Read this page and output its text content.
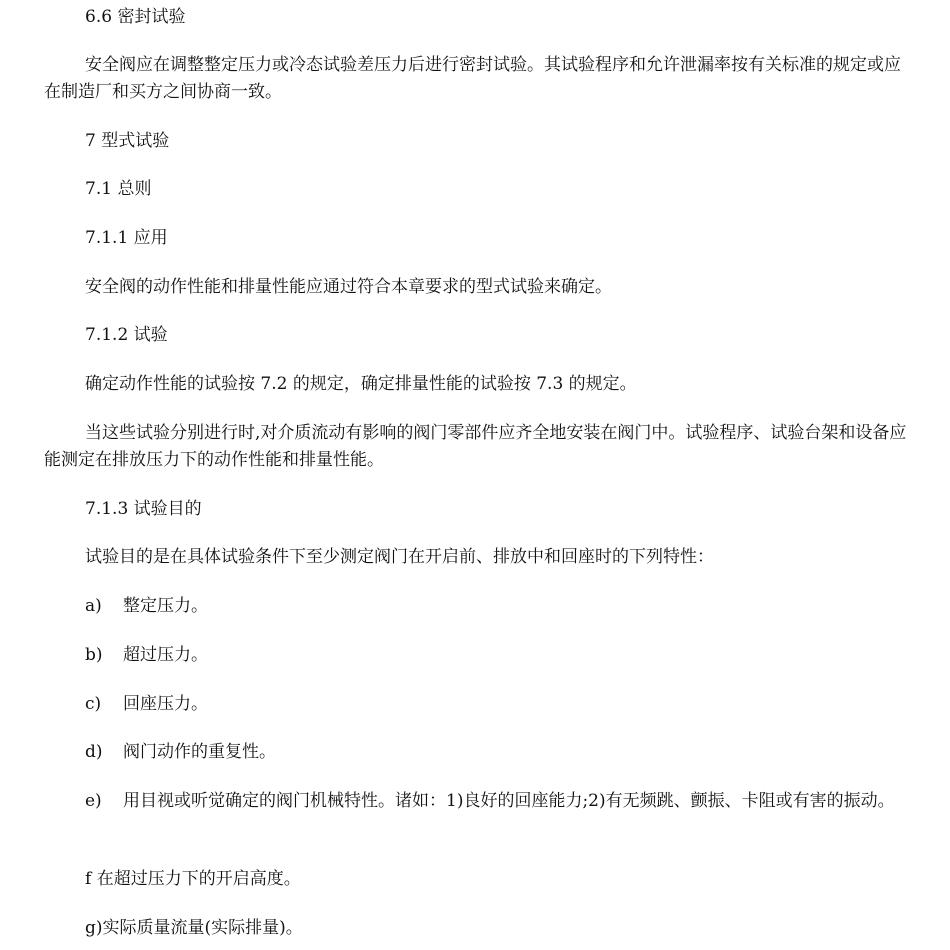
6.6 密封试验

安全阀应在调整整定压力或冷态试验差压力后进行密封试验。其试验程序和允许泄漏率按有关标准的规定或应在制造厂和买方之间协商一致。

7 型式试验

7.1 总则

7.1.1 应用

安全阀的动作性能和排量性能应通过符合本章要求的型式试验来确定。

7.1.2 试验

确定动作性能的试验按 7.2 的规定，确定排量性能的试验按 7.3 的规定。

当这些试验分别进行时,对介质流动有影响的阀门零部件应齐全地安装在阀门中。试验程序、试验台架和设备应能测定在排放压力下的动作性能和排量性能。

7.1.3 试验目的

试验目的是在具体试验条件下至少测定阀门在开启前、排放中和回座时的下列特性：

a) 整定压力。

b) 超过压力。

c) 回座压力。

d) 阀门动作的重复性。

e) 用目视或听觉确定的阀门机械特性。诸如：1)良好的回座能力;2)有无频跳、颤振、卡阻或有害的振动。

f 在超过压力下的开启高度。

g)实际质量流量(实际排量)。
